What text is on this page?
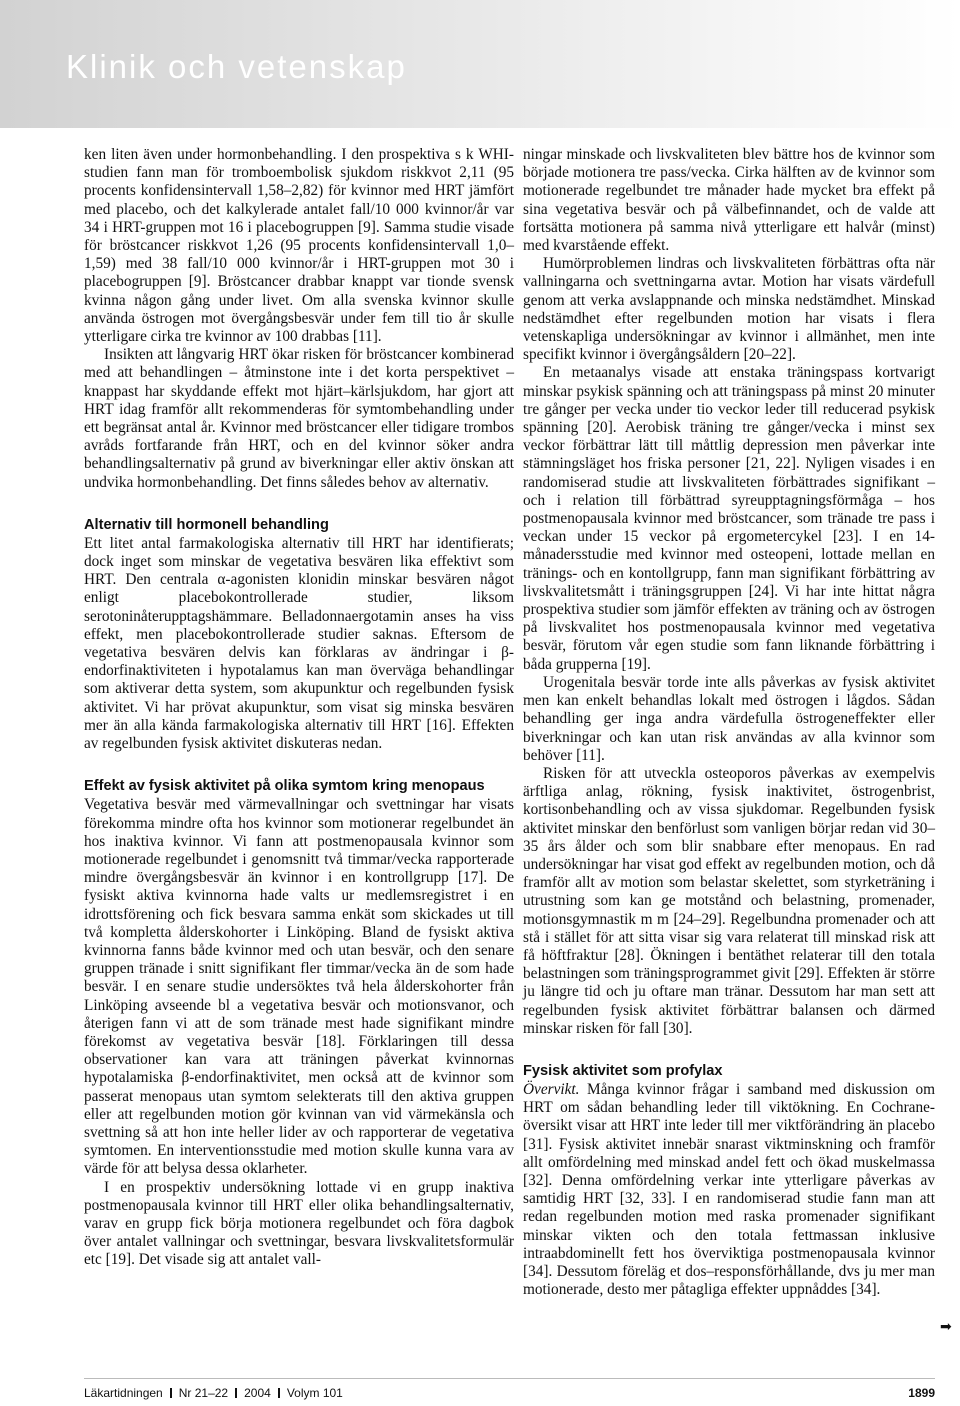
Klinik och vetenskap

ken liten även under hormonbehandling. I den prospektiva s k WHI-studien fann man för tromboembolisk sjukdom riskkvot 2,11 (95 procents konfidensintervall 1,58–2,82) för kvinnor med HRT jämfört med placebo, och det kalkylerade antalet fall/10 000 kvinnor/år var 34 i HRT-gruppen mot 16 i placebogruppen [9]. Samma studie visade för bröstcancer riskkvot 1,26 (95 procents konfidensintervall 1,0–1,59) med 38 fall/10 000 kvinnor/år i HRT-gruppen mot 30 i placebogruppen [9]. Bröstcancer drabbar knappt var tionde svensk kvinna någon gång under livet. Om alla svenska kvinnor skulle använda östrogen mot övergångsbesvär under fem till tio år skulle ytterligare cirka tre kvinnor av 100 drabbas [11].

Insikten att långvarig HRT ökar risken för bröstcancer kombinerad med att behandlingen – åtminstone inte i det korta perspektivet – knappast har skyddande effekt mot hjärt–kärlsjukdom, har gjort att HRT idag framför allt rekommenderas för symtombehandling under ett begränsat antal år. Kvinnor med bröstcancer eller tidigare trombos avråds fortfarande från HRT, och en del kvinnor söker andra behandlingsalternativ på grund av biverkningar eller aktiv önskan att undvika hormonbehandling. Det finns således behov av alternativ.

Alternativ till hormonell behandling

Ett litet antal farmakologiska alternativ till HRT har identifierats; dock inget som minskar de vegetativa besvären lika effektivt som HRT. Den centrala α-agonisten klonidin minskar besvären något enligt placebokontrollerade studier, liksom serotoninåterupptagshämmare. Belladonnaergotamin anses ha viss effekt, men placebokontrollerade studier saknas. Eftersom de vegetativa besvären delvis kan förklaras av ändringar i β-endorfinaktiviteten i hypotalamus kan man överväga behandlingar som aktiverar detta system, som akupunktur och regelbunden fysisk aktivitet. Vi har prövat akupunktur, som visat sig minska besvären mer än alla kända farmakologiska alternativ till HRT [16]. Effekten av regelbunden fysisk aktivitet diskuteras nedan.

Effekt av fysisk aktivitet på olika symtom kring menopaus

Vegetativa besvär med värmevallningar och svettningar har visats förekomma mindre ofta hos kvinnor som motionerar regelbundet än hos inaktiva kvinnor. Vi fann att postmenopausala kvinnor som motionerade regelbundet i genomsnitt två timmar/vecka rapporterade mindre övergångsbesvär än kvinnor i en kontrollgrupp [17]. De fysiskt aktiva kvinnorna hade valts ur medlemsregistret i en idrottsförening och fick besvara samma enkät som skickades ut till två kompletta ålderskohorter i Linköping. Bland de fysiskt aktiva kvinnorna fanns både kvinnor med och utan besvär, och den senare gruppen tränade i snitt signifikant fler timmar/vecka än de som hade besvär. I en senare studie undersöktes två hela ålderskohorter från Linköping avseende bl a vegetativa besvär och motionsvanor, och återigen fann vi att de som tränade mest hade signifikant mindre förekomst av vegetativa besvär [18]. Förklaringen till dessa observationer kan vara att träningen påverkat kvinnornas hypotalamiska β-endorfinaktivitet, men också att de kvinnor som passerat menopaus utan symtom selekterats till den aktiva gruppen eller att regelbunden motion gör kvinnan van vid värmekänsla och svettning så att hon inte heller lider av och rapporterar de vegetativa symtomen. En interventionsstudie med motion skulle kunna vara av värde för att belysa dessa oklarheter.

I en prospektiv undersökning lottade vi en grupp inaktiva postmenopausala kvinnor till HRT eller olika behandlingsalternativ, varav en grupp fick börja motionera regelbundet och föra dagbok över antalet vallningar och svettningar, besvara livskvalitetsformulär etc [19]. Det visade sig att antalet vall-

ningar minskade och livskvaliteten blev bättre hos de kvinnor som började motionera tre pass/vecka. Cirka hälften av de kvinnor som motionerade regelbundet tre månader hade mycket bra effekt på sina vegetativa besvär och på välbefinnandet, och de valde att fortsätta motionera på samma nivå ytterligare ett halvår (minst) med kvarstående effekt.

Humörproblemen lindras och livskvaliteten förbättras ofta när vallningarna och svettningarna avtar. Motion har visats värdefull genom att verka avslappnande och minska nedstämdhet. Minskad nedstämdhet efter regelbunden motion har visats i flera vetenskapliga undersökningar av kvinnor i allmänhet, men inte specifikt kvinnor i övergångsåldern [20–22].

En metaanalys visade att enstaka träningspass kortvarigt minskar psykisk spänning och att träningspass på minst 20 minuter tre gånger per vecka under tio veckor leder till reducerad psykisk spänning [20]. Aerobisk träning tre gånger/vecka i minst sex veckor förbättrar lätt till måttlig depression men påverkar inte stämningsläget hos friska personer [21, 22]. Nyligen visades i en randomiserad studie att livskvaliteten förbättrades signifikant – och i relation till förbättrad syreupptagningsförmåga – hos postmenopausala kvinnor med bröstcancer, som tränade tre pass i veckan under 15 veckor på ergometercykel [23]. I en 14-månadersstudie med kvinnor med osteopeni, lottade mellan en tränings- och en kontollgrupp, fann man signifikant förbättring av livskvalitetsmått i träningsgruppen [24]. Vi har inte hittat några prospektiva studier som jämför effekten av träning och av östrogen på livskvalitet hos postmenopausala kvinnor med vegetativa besvär, förutom vår egen studie som fann liknande förbättring i båda grupperna [19].

Urogenitala besvär torde inte alls påverkas av fysisk aktivitet men kan enkelt behandlas lokalt med östrogen i lågdos. Sådan behandling ger inga andra värdefulla östrogeneffekter eller biverkningar och kan utan risk användas av alla kvinnor som behöver [11].

Risken för att utveckla osteoporos påverkas av exempelvis ärftliga anlag, rökning, fysisk inaktivitet, östrogenbrist, kortisonbehandling och av vissa sjukdomar. Regelbunden fysisk aktivitet minskar den benförlust som vanligen börjar redan vid 30–35 års ålder och som blir snabbare efter menopaus. En rad undersökningar har visat god effekt av regelbunden motion, och då framför allt av motion som belastar skelettet, som styrketräning i utrustning som kan ge motstånd och belastning, promenader, motionsgymnastik m m [24–29]. Regelbundna promenader och att stå i stället för att sitta visar sig vara relaterat till minskad risk att få höftfraktur [28]. Ökningen i bentäthet relaterar till den totala belastningen som träningsprogrammet givit [29]. Effekten är större ju längre tid och ju oftare man tränar. Dessutom har man sett att regelbunden fysisk aktivitet förbättrar balansen och därmed minskar risken för fall [30].

Fysisk aktivitet som profylax

Övervikt. Många kvinnor frågar i samband med diskussion om HRT om sådan behandling leder till viktökning. En Cochrane-översikt visar att HRT inte leder till mer viktförändring än placebo [31]. Fysisk aktivitet innebär snarast viktminskning och framför allt omfördelning med minskad andel fett och ökad muskelmassa [32]. Denna omfördelning verkar inte ytterligare påverkas av samtidig HRT [32, 33]. I en randomiserad studie fann man att redan regelbunden motion med raska promenader signifikant minskar vikten och den totala fettmassan inklusive intraabdominellt fett hos överviktiga postmenopausala kvinnor [34]. Dessutom föreläg et dos–responsförhållande, dvs ju mer man motionerade, desto mer påtagliga effekter uppnåddes [34].

➡
Läkartidningen Nr 21–22 2004 Volym 101	1899
